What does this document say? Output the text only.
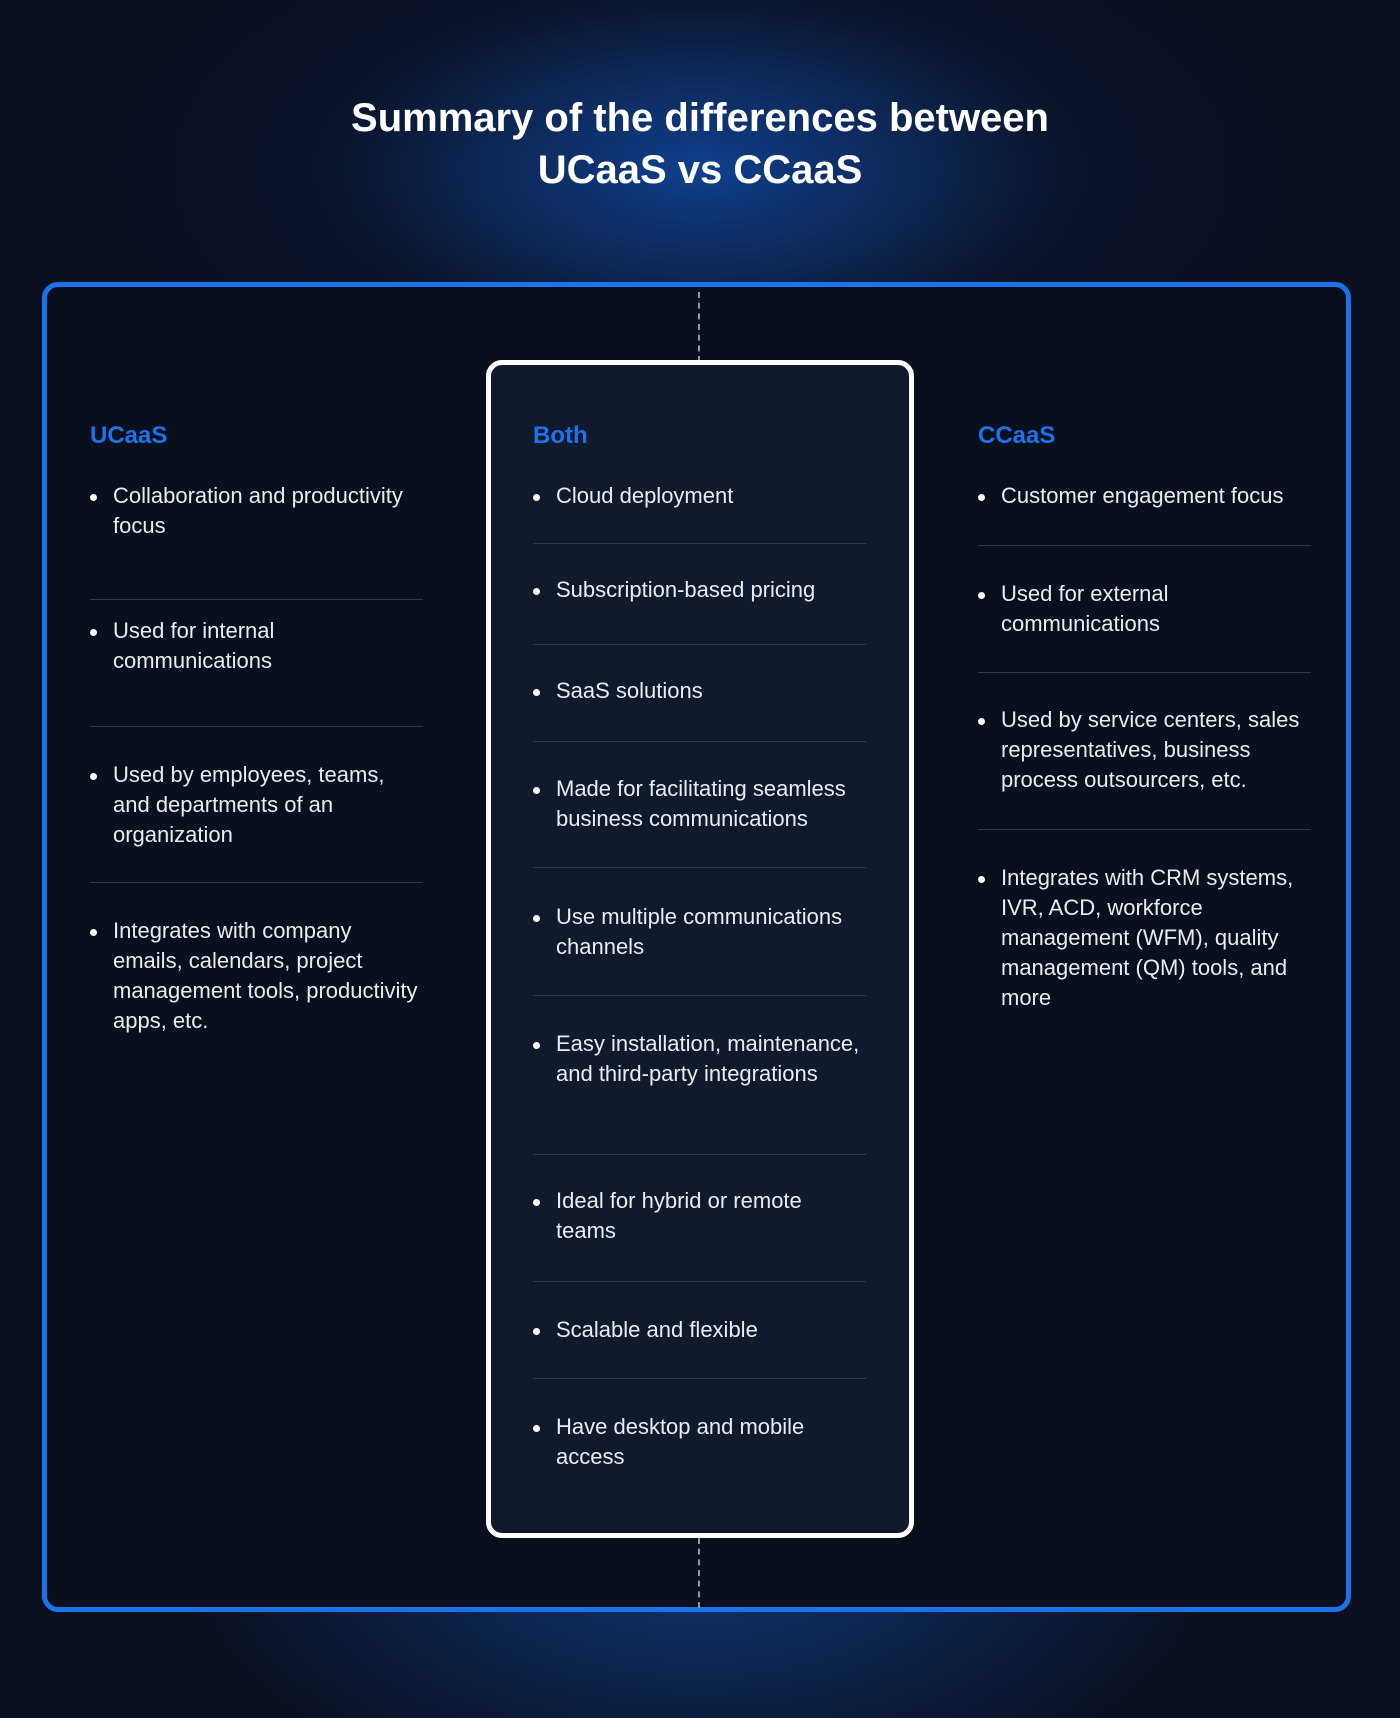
Summary of the differences between
UCaaS vs CCaaS
UCaaS
Collaboration and productivity focus
Used for internal communications
Used by employees, teams, and departments of an organization
Integrates with company emails, calendars, project management tools, productivity apps, etc.
Both
Cloud deployment
Subscription-based pricing
SaaS solutions
Made for facilitating seamless business communications
Use multiple communications channels
Easy installation, maintenance, and third-party integrations
Ideal for hybrid or remote teams
Scalable and flexible
Have desktop and mobile access
CCaaS
Customer engagement focus
Used for external communications
Used by service centers, sales representatives, business process outsourcers, etc.
Integrates with CRM systems, IVR, ACD, workforce management (WFM), quality management (QM) tools, and more
